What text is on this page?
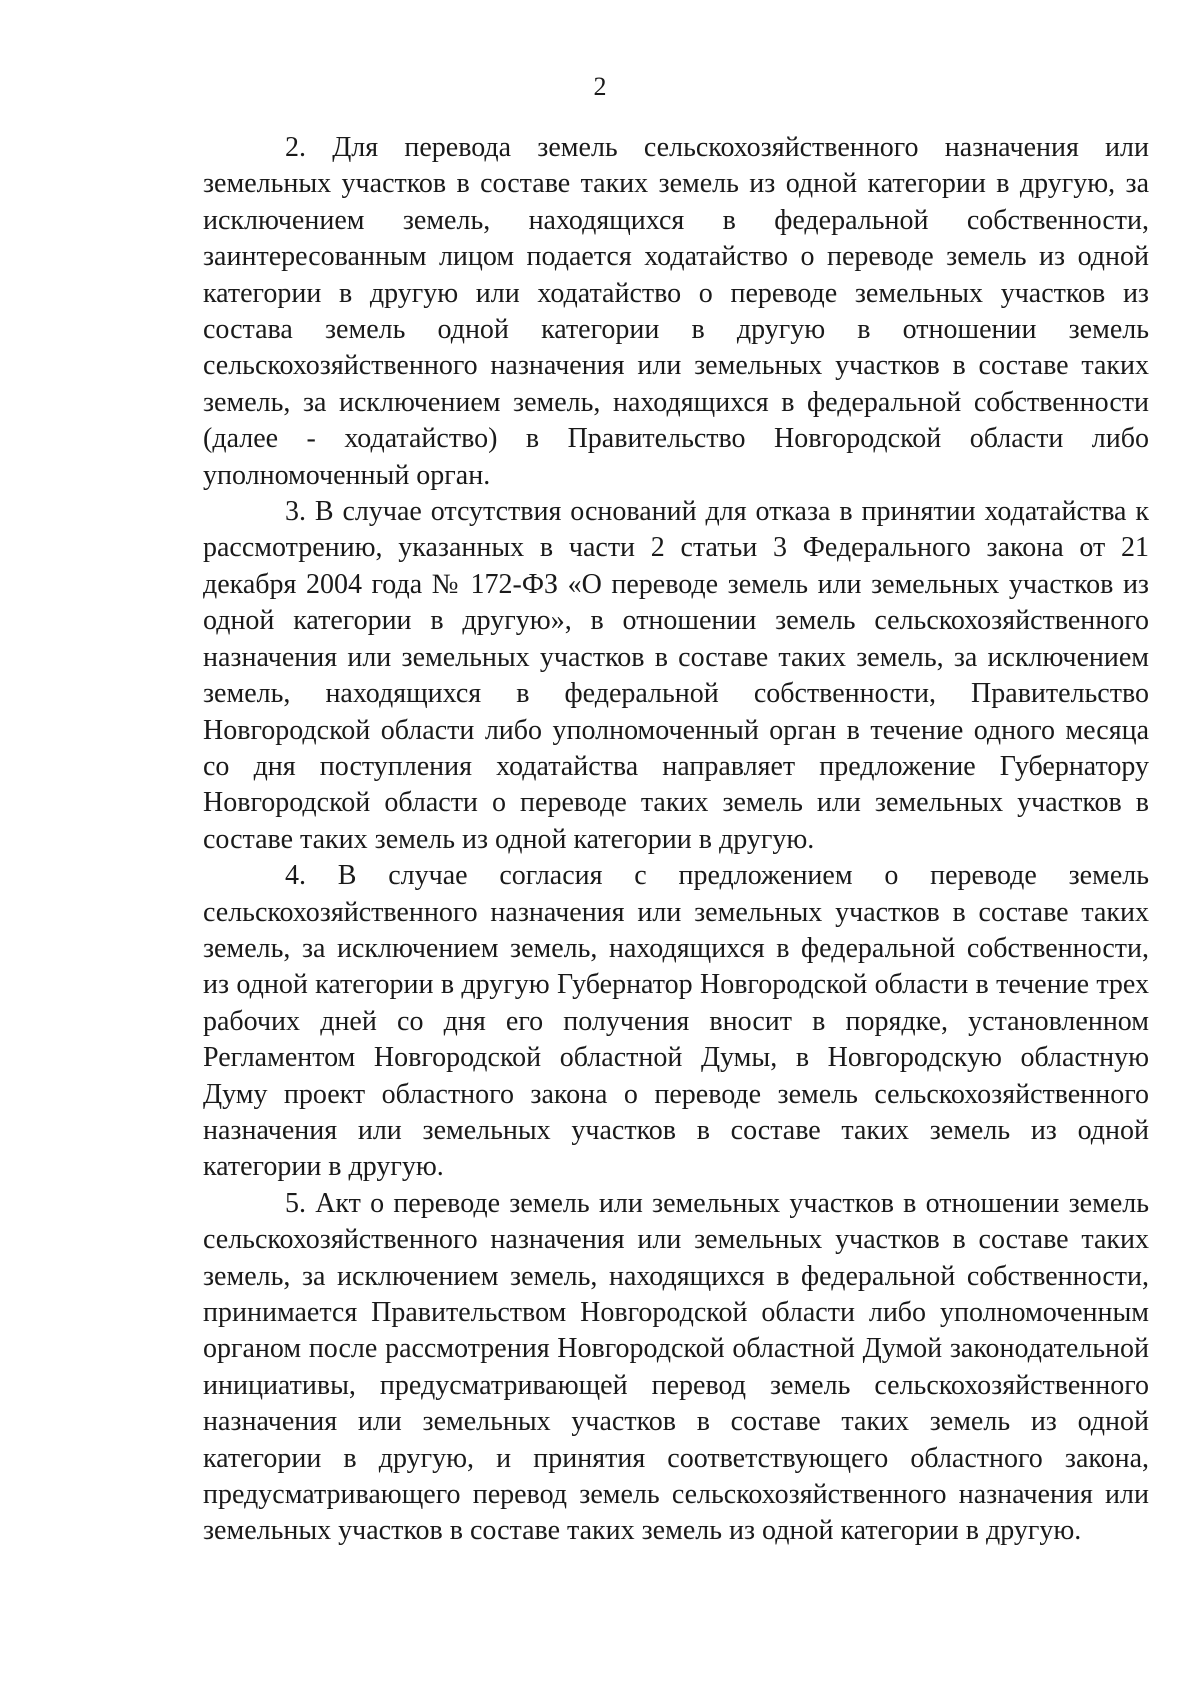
2

2. Для перевода земель сельскохозяйственного назначения или земельных участков в составе таких земель из одной категории в другую, за исключением земель, находящихся в федеральной собственности, заинтересованным лицом подается ходатайство о переводе земель из одной категории в другую или ходатайство о переводе земельных участков из состава земель одной категории в другую в отношении земель сельскохозяйственного назначения или земельных участков в составе таких земель, за исключением земель, находящихся в федеральной собственности (далее - ходатайство) в Правительство Новгородской области либо уполномоченный орган.

3. В случае отсутствия оснований для отказа в принятии ходатайства к рассмотрению, указанных в части 2 статьи 3 Федерального закона от 21 декабря 2004 года № 172-ФЗ «О переводе земель или земельных участков из одной категории в другую», в отношении земель сельскохозяйственного назначения или земельных участков в составе таких земель, за исключением земель, находящихся в федеральной собственности, Правительство Новгородской области либо уполномоченный орган в течение одного месяца со дня поступления ходатайства направляет предложение Губернатору Новгородской области о переводе таких земель или земельных участков в составе таких земель из одной категории в другую.

4. В случае согласия с предложением о переводе земель сельскохозяйственного назначения или земельных участков в составе таких земель, за исключением земель, находящихся в федеральной собственности, из одной категории в другую Губернатор Новгородской области в течение трех рабочих дней со дня его получения вносит в порядке, установленном Регламентом Новгородской областной Думы, в Новгородскую областную Думу проект областного закона о переводе земель сельскохозяйственного назначения или земельных участков в составе таких земель из одной категории в другую.

5. Акт о переводе земель или земельных участков в отношении земель сельскохозяйственного назначения или земельных участков в составе таких земель, за исключением земель, находящихся в федеральной собственности, принимается Правительством Новгородской области либо уполномоченным органом после рассмотрения Новгородской областной Думой законодательной инициативы, предусматривающей перевод земель сельскохозяйственного назначения или земельных участков в составе таких земель из одной категории в другую, и принятия соответствующего областного закона, предусматривающего перевод земель сельскохозяйственного назначения или земельных участков в составе таких земель из одной категории в другую.
